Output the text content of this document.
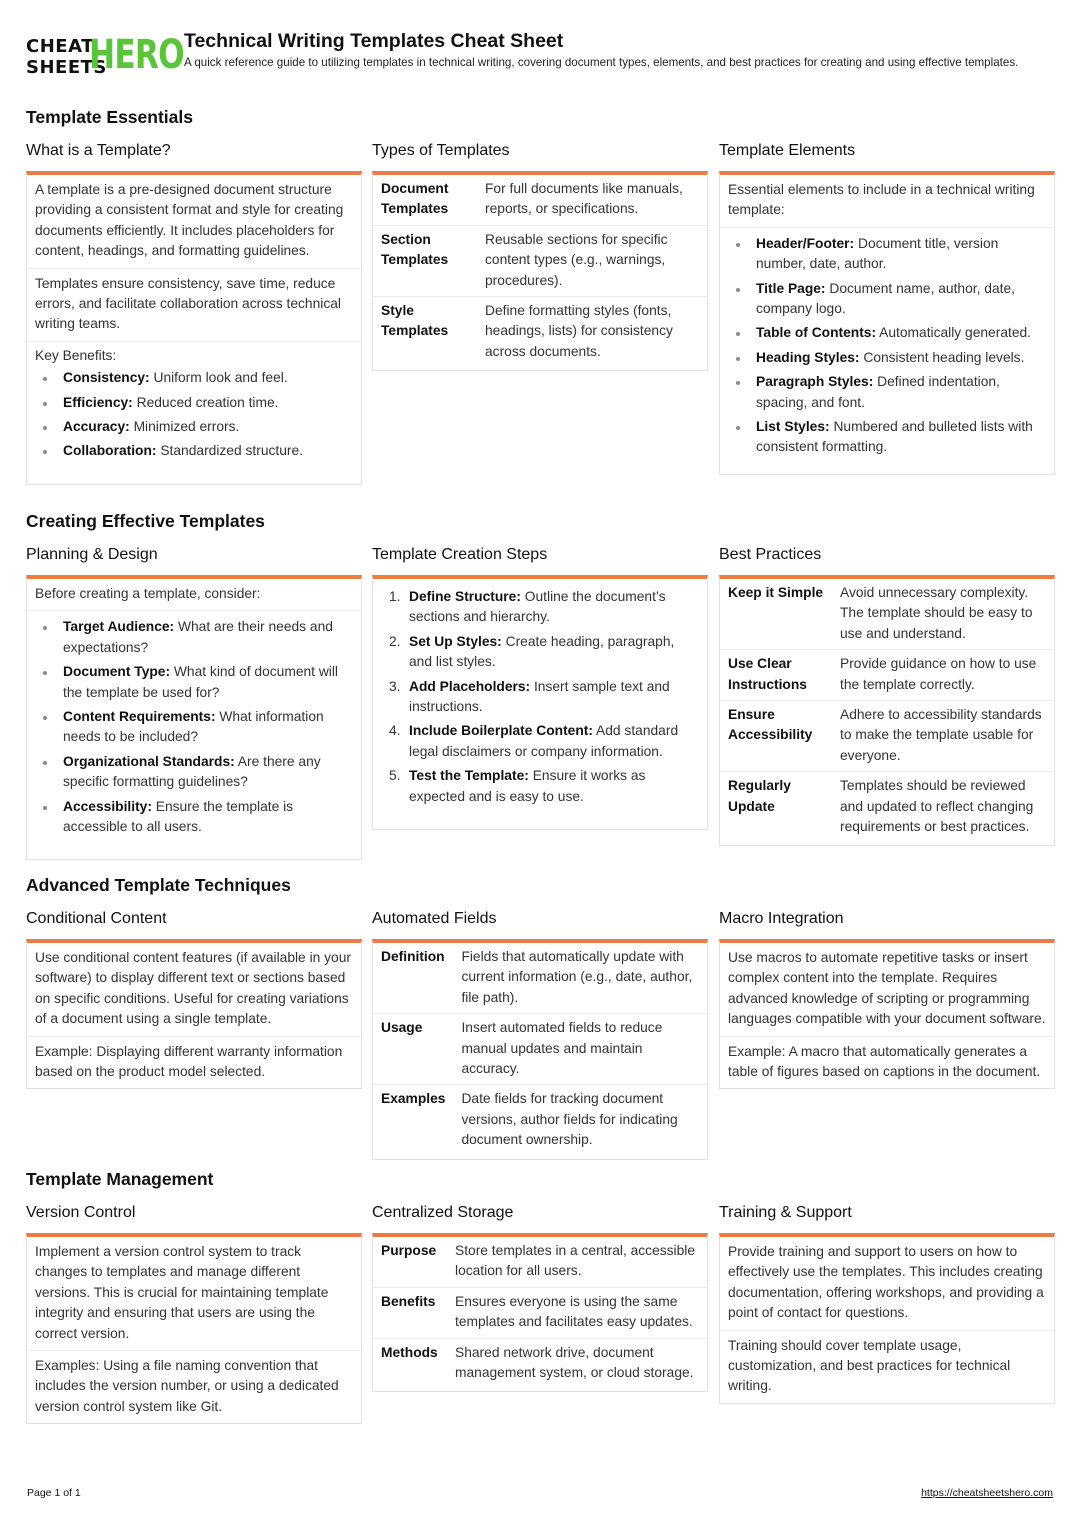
CHEAT
SHEETS
HERO Technical Writing Templates Cheat Sheet
A quick reference guide to utilizing templates in technical writing, covering document types, elements, and best practices for creating and using effective templates.
Template Essentials
What is a Template?
A template is a pre-designed document structure providing a consistent format and style for creating documents efficiently. It includes placeholders for content, headings, and formatting guidelines.
Templates ensure consistency, save time, reduce errors, and facilitate collaboration across technical writing teams.
Key Benefits:
Consistency: Uniform look and feel.
Efficiency: Reduced creation time.
Accuracy: Minimized errors.
Collaboration: Standardized structure.
Types of Templates
Document Templates	For full documents like manuals, reports, or specifications.
Section Templates	Reusable sections for specific content types (e.g., warnings, procedures).
Style Templates	Define formatting styles (fonts, headings, lists) for consistency across documents.
Template Elements
Essential elements to include in a technical writing template:
Header/Footer: Document title, version number, date, author.
Title Page: Document name, author, date, company logo.
Table of Contents: Automatically generated.
Heading Styles: Consistent heading levels.
Paragraph Styles: Defined indentation, spacing, and font.
List Styles: Numbered and bulleted lists with consistent formatting.
Creating Effective Templates
Planning & Design
Before creating a template, consider:
Target Audience: What are their needs and expectations?
Document Type: What kind of document will the template be used for?
Content Requirements: What information needs to be included?
Organizational Standards: Are there any specific formatting guidelines?
Accessibility: Ensure the template is accessible to all users.
Template Creation Steps
1. Define Structure: Outline the document’s sections and hierarchy.
2. Set Up Styles: Create heading, paragraph, and list styles.
3. Add Placeholders: Insert sample text and instructions.
4. Include Boilerplate Content: Add standard legal disclaimers or company information.
5. Test the Template: Ensure it works as expected and is easy to use.
Best Practices
Keep it Simple	Avoid unnecessary complexity. The template should be easy to use and understand.
Use Clear Instructions	Provide guidance on how to use the template correctly.
Ensure Accessibility	Adhere to accessibility standards to make the template usable for everyone.
Regularly Update	Templates should be reviewed and updated to reflect changing requirements or best practices.
Advanced Template Techniques
Conditional Content
Use conditional content features (if available in your software) to display different text or sections based on specific conditions. Useful for creating variations of a document using a single template.
Example: Displaying different warranty information based on the product model selected.
Automated Fields
Definition	Fields that automatically update with current information (e.g., date, author, file path).
Usage	Insert automated fields to reduce manual updates and maintain accuracy.
Examples	Date fields for tracking document versions, author fields for indicating document ownership.
Macro Integration
Use macros to automate repetitive tasks or insert complex content into the template. Requires advanced knowledge of scripting or programming languages compatible with your document software.
Example: A macro that automatically generates a table of figures based on captions in the document.
Template Management
Version Control
Implement a version control system to track changes to templates and manage different versions. This is crucial for maintaining template integrity and ensuring that users are using the correct version.
Examples: Using a file naming convention that includes the version number, or using a dedicated version control system like Git.
Centralized Storage
Purpose	Store templates in a central, accessible location for all users.
Benefits	Ensures everyone is using the same templates and facilitates easy updates.
Methods	Shared network drive, document management system, or cloud storage.
Training & Support
Provide training and support to users on how to effectively use the templates. This includes creating documentation, offering workshops, and providing a point of contact for questions.
Training should cover template usage, customization, and best practices for technical writing.
Page 1 of 1	https://cheatsheetshero.com
